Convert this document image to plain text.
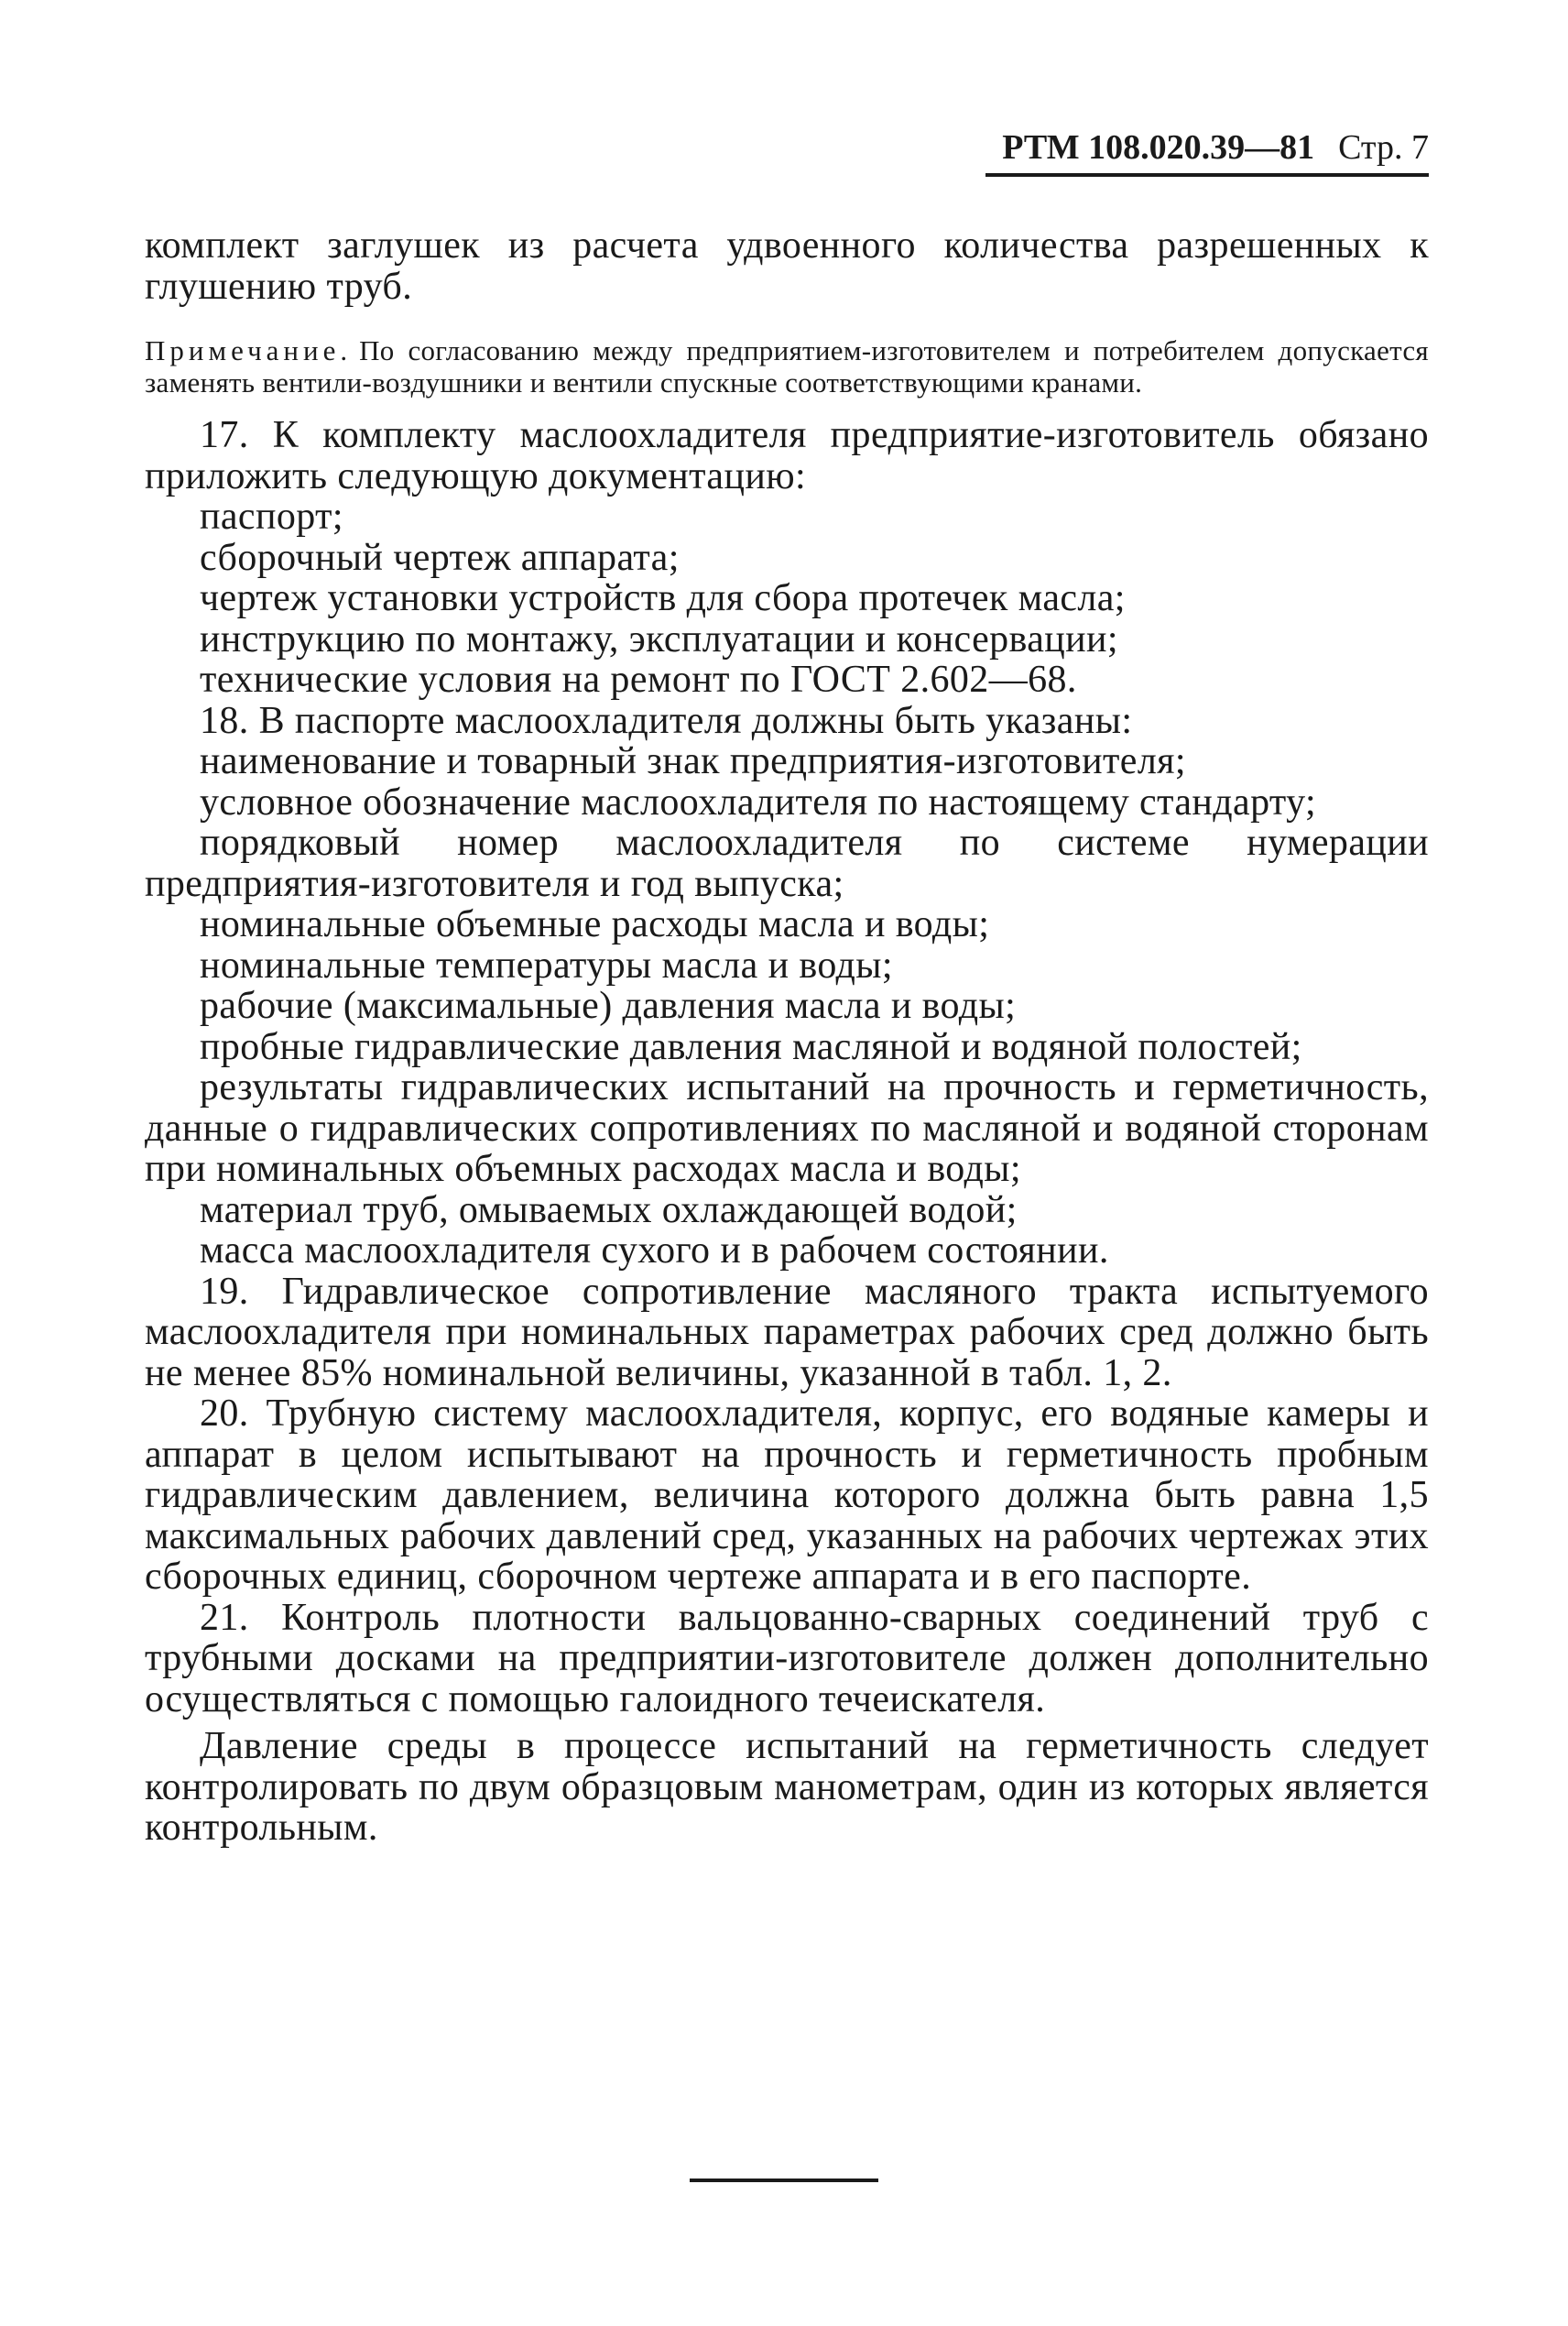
РТМ 108.020.39—81 Стр. 7

комплект заглушек из расчета удвоенного количества разрешенных к глушению труб.

Примечание. По согласованию между предприятием-изготовителем и потребителем допускается заменять вентили-воздушники и вентили спускные соответствующими кранами.

17. К комплекту маслоохладителя предприятие-изготовитель обязано приложить следующую документацию:

паспорт;

сборочный чертеж аппарата;

чертеж установки устройств для сбора протечек масла;

инструкцию по монтажу, эксплуатации и консервации;

технические условия на ремонт по ГОСТ 2.602—68.

18. В паспорте маслоохладителя должны быть указаны:

наименование и товарный знак предприятия-изготовителя;

условное обозначение маслоохладителя по настоящему стандарту;

порядковый номер маслоохладителя по системе нумерации предприятия-изготовителя и год выпуска;

номинальные объемные расходы масла и воды;

номинальные температуры масла и воды;

рабочие (максимальные) давления масла и воды;

пробные гидравлические давления масляной и водяной полостей;

результаты гидравлических испытаний на прочность и герметичность, данные о гидравлических сопротивлениях по масляной и водяной сторонам при номинальных объемных расходах масла и воды;

материал труб, омываемых охлаждающей водой;

масса маслоохладителя сухого и в рабочем состоянии.

19. Гидравлическое сопротивление масляного тракта испытуемого маслоохладителя при номинальных параметрах рабочих сред должно быть не менее 85% номинальной величины, указанной в табл. 1, 2.

20. Трубную систему маслоохладителя, корпус, его водяные камеры и аппарат в целом испытывают на прочность и герметичность пробным гидравлическим давлением, величина которого должна быть равна 1,5 максимальных рабочих давлений сред, указанных на рабочих чертежах этих сборочных единиц, сборочном чертеже аппарата и в его паспорте.

21. Контроль плотности вальцованно-сварных соединений труб с трубными досками на предприятии-изготовителе должен дополнительно осуществляться с помощью галоидного течеискателя.

Давление среды в процессе испытаний на герметичность следует контролировать по двум образцовым манометрам, один из которых является контрольным.
